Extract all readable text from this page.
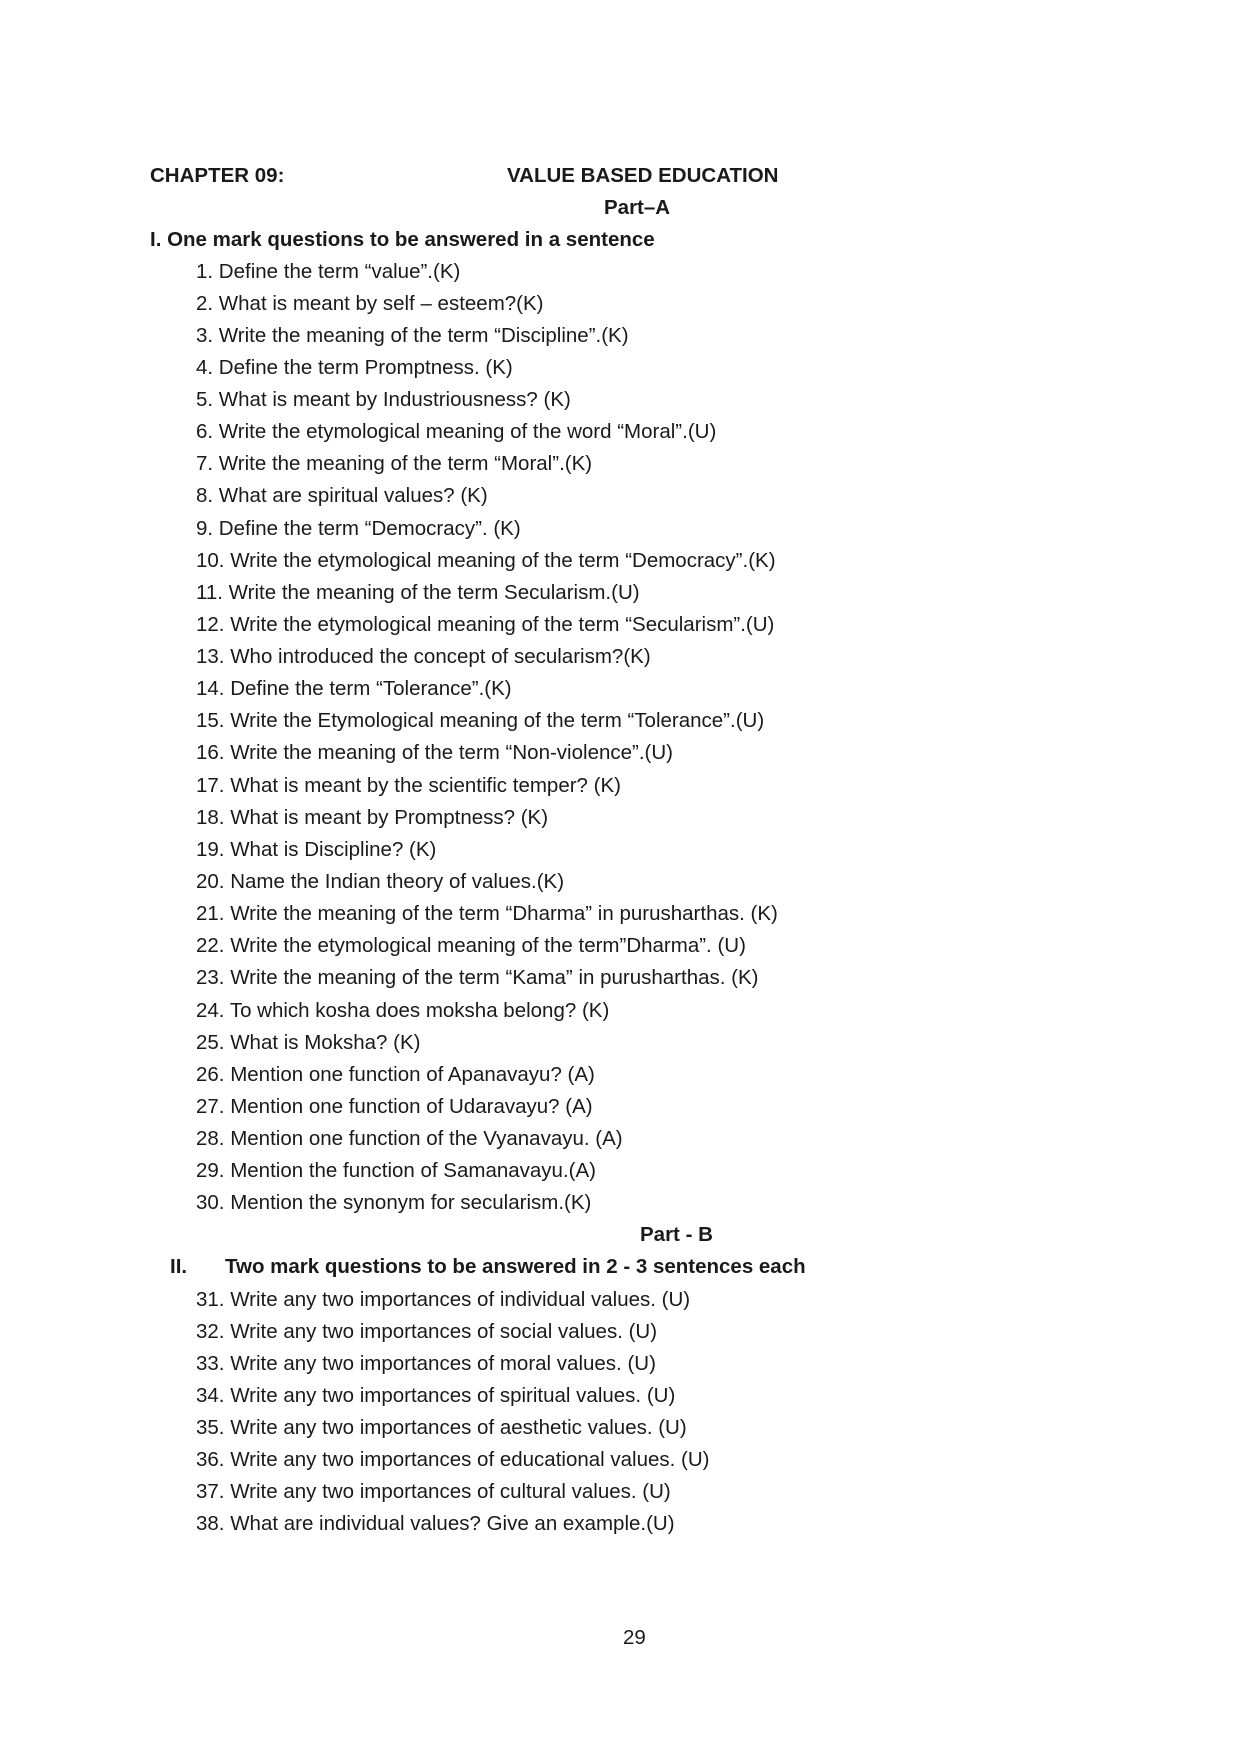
CHAPTER 09:	VALUE BASED EDUCATION
Part–A
I. One mark questions to be answered in a sentence
1. Define the term “value”.(K)
2. What is meant by self – esteem?(K)
3. Write the meaning of the term “Discipline”.(K)
4. Define the term Promptness. (K)
5. What is meant by Industriousness? (K)
6. Write the etymological meaning of the word “Moral”.(U)
7. Write the meaning of the term “Moral”.(K)
8. What are spiritual values? (K)
9. Define the term “Democracy”. (K)
10. Write the etymological meaning of the term “Democracy”.(K)
11. Write the meaning of the term Secularism.(U)
12. Write the etymological meaning of the term “Secularism”.(U)
13. Who introduced the concept of secularism?(K)
14. Define the term “Tolerance”.(K)
15. Write the Etymological meaning of the term “Tolerance”.(U)
16. Write the meaning of the term “Non-violence”.(U)
17. What is meant by the scientific temper? (K)
18. What is meant by Promptness? (K)
19. What is Discipline? (K)
20. Name the Indian theory of values.(K)
21. Write the meaning of the term “Dharma” in purusharthas. (K)
22. Write the etymological meaning of the term”Dharma”. (U)
23. Write the meaning of the term “Kama” in purusharthas. (K)
24. To which kosha does moksha belong? (K)
25. What is Moksha? (K)
26. Mention one function of Apanavayu? (A)
27. Mention one function of Udaravayu? (A)
28. Mention one function of the Vyanavayu. (A)
29. Mention the function of Samanavayu.(A)
30. Mention the synonym for secularism.(K)
Part - B
II. Two mark questions to be answered in 2 - 3 sentences each
31. Write any two importances of individual values. (U)
32. Write any two importances of social values. (U)
33. Write any two importances of moral values. (U)
34. Write any two importances of spiritual values. (U)
35. Write any two importances of aesthetic values. (U)
36. Write any two importances of educational values. (U)
37. Write any two importances of cultural values. (U)
38. What are individual values? Give an example.(U)
29
